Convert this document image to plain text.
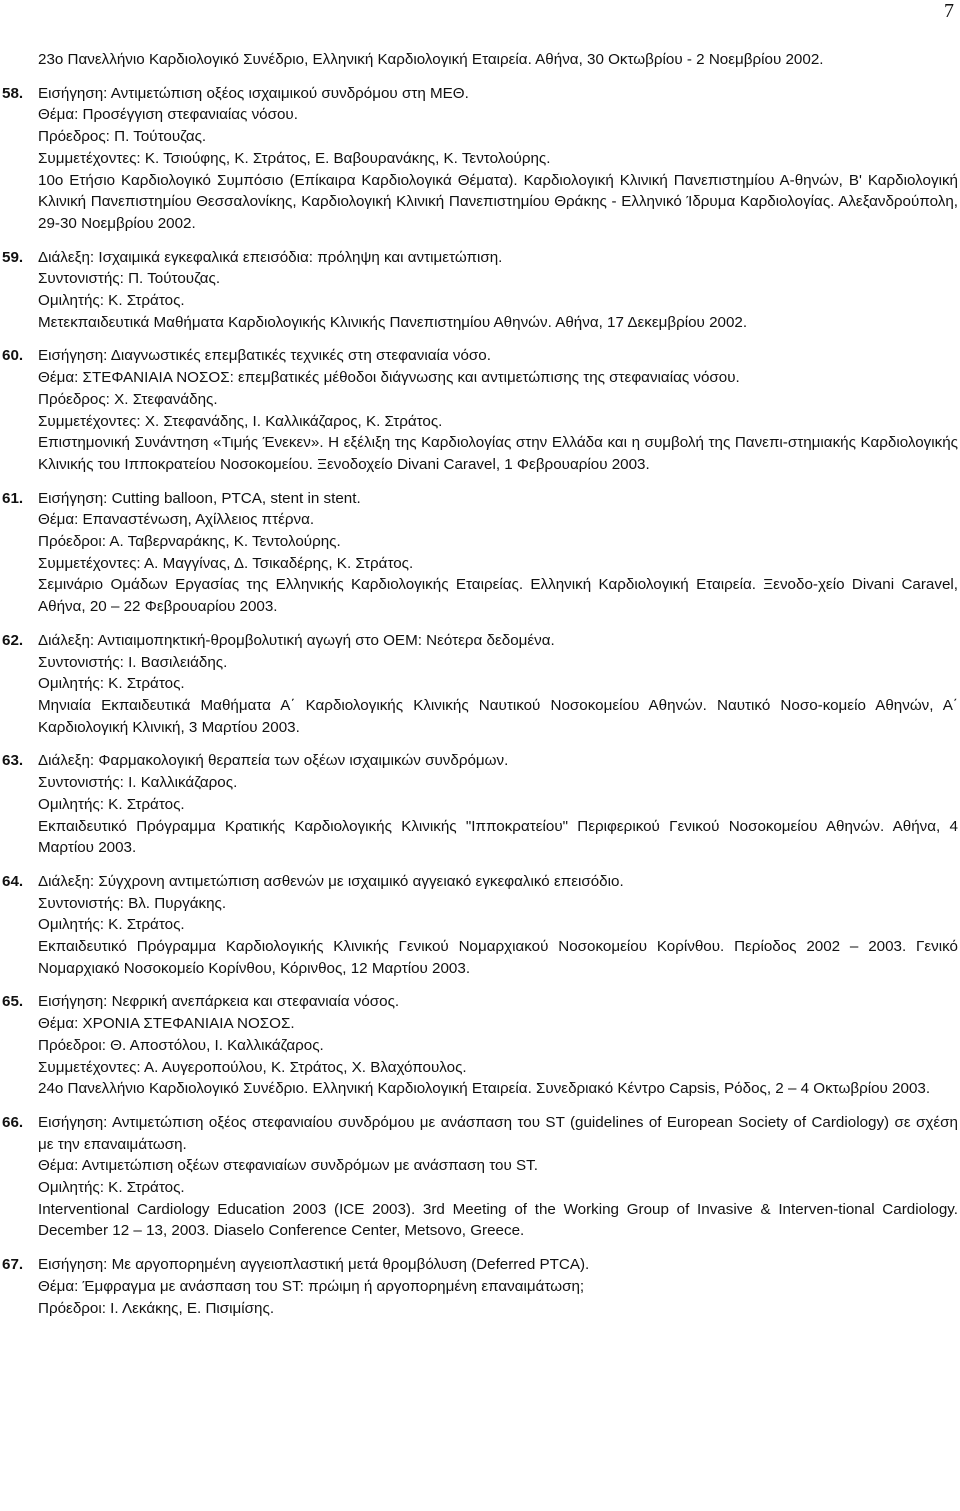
7
23ο Πανελλήνιο Καρδιολογικό Συνέδριο, Ελληνική Καρδιολογική Εταιρεία. Αθήνα, 30 Οκτωβρίου - 2 Νοεμβρίου 2002.
58. Εισήγηση: Αντιμετώπιση οξέος ισχαιμικού συνδρόμου στη ΜΕΘ.
Θέμα: Προσέγγιση στεφανιαίας νόσου.
Πρόεδρος: Π. Τούτουζας.
Συμμετέχοντες: Κ. Τσιούφης, Κ. Στράτος, Ε. Βαβουρανάκης, Κ. Τεντολούρης.
10ο Ετήσιο Καρδιολογικό Συμπόσιο (Επίκαιρα Καρδιολογικά Θέματα). Καρδιολογική Κλινική Πανεπιστημίου Α-θηνών, Β' Καρδιολογική Κλινική Πανεπιστημίου Θεσσαλονίκης, Καρδιολογική Κλινική Πανεπιστημίου Θράκης - Ελληνικό Ίδρυμα Καρδιολογίας. Αλεξανδρούπολη, 29-30 Νοεμβρίου 2002.
59. Διάλεξη: Ισχαιμικά εγκεφαλικά επεισόδια: πρόληψη και αντιμετώπιση.
Συντονιστής: Π. Τούτουζας.
Ομιλητής: Κ. Στράτος.
Μετεκπαιδευτικά Μαθήματα Καρδιολογικής Κλινικής Πανεπιστημίου Αθηνών. Αθήνα, 17 Δεκεμβρίου 2002.
60. Εισήγηση: Διαγνωστικές επεμβατικές τεχνικές στη στεφανιαία νόσο.
Θέμα: ΣΤΕΦΑΝΙΑΙΑ ΝΟΣΟΣ: επεμβατικές μέθοδοι διάγνωσης και αντιμετώπισης της στεφανιαίας νόσου.
Πρόεδρος: Χ. Στεφανάδης.
Συμμετέχοντες: Χ. Στεφανάδης, Ι. Καλλικάζαρος, Κ. Στράτος.
Επιστημονική Συνάντηση «Τιμής Ένεκεν». Η εξέλιξη της Καρδιολογίας στην Ελλάδα και η συμβολή της Πανεπι-στημιακής Καρδιολογικής Κλινικής του Ιπποκρατείου Νοσοκομείου. Ξενοδοχείο Divani Caravel, 1 Φεβρουαρίου 2003.
61. Εισήγηση: Cutting balloon, PTCA, stent in stent.
Θέμα: Επαναστένωση, Αχίλλειος πτέρνα.
Πρόεδροι: Α. Ταβερναράκης, Κ. Τεντολούρης.
Συμμετέχοντες: Α. Μαγγίνας, Δ. Τσικαδέρης, Κ. Στράτος.
Σεμινάριο Ομάδων Εργασίας της Ελληνικής Καρδιολογικής Εταιρείας. Ελληνική Καρδιολογική Εταιρεία. Ξενοδο-χείο Divani Caravel, Αθήνα, 20 – 22 Φεβρουαρίου 2003.
62. Διάλεξη: Αντιαιμοπηκτική-θρομβολυτική αγωγή στο ΟΕΜ: Νεότερα δεδομένα.
Συντονιστής: Ι. Βασιλειάδης.
Ομιλητής: Κ. Στράτος.
Μηνιαία Εκπαιδευτικά Μαθήματα Α΄ Καρδιολογικής Κλινικής Ναυτικού Νοσοκομείου Αθηνών. Ναυτικό Νοσο-κομείο Αθηνών, Α΄ Καρδιολογική Κλινική, 3 Μαρτίου 2003.
63. Διάλεξη: Φαρμακολογική θεραπεία των οξέων ισχαιμικών συνδρόμων.
Συντονιστής: Ι. Καλλικάζαρος.
Ομιλητής: Κ. Στράτος.
Εκπαιδευτικό Πρόγραμμα Κρατικής Καρδιολογικής Κλινικής "Ιπποκρατείου" Περιφερικού Γενικού Νοσοκομείου Αθηνών. Αθήνα, 4 Μαρτίου 2003.
64. Διάλεξη: Σύγχρονη αντιμετώπιση ασθενών με ισχαιμικό αγγειακό εγκεφαλικό επεισόδιο.
Συντονιστής: Βλ. Πυργάκης.
Ομιλητής: Κ. Στράτος.
Εκπαιδευτικό Πρόγραμμα Καρδιολογικής Κλινικής Γενικού Νομαρχιακού Νοσοκομείου Κορίνθου. Περίοδος 2002 – 2003. Γενικό Νομαρχιακό Νοσοκομείο Κορίνθου, Κόρινθος, 12 Μαρτίου 2003.
65. Εισήγηση: Νεφρική ανεπάρκεια και στεφανιαία νόσος.
Θέμα: ΧΡΟΝΙΑ ΣΤΕΦΑΝΙΑΙΑ ΝΟΣΟΣ.
Πρόεδροι: Θ. Αποστόλου, Ι. Καλλικάζαρος.
Συμμετέχοντες: Α. Αυγεροπούλου, Κ. Στράτος, Χ. Βλαχόπουλος.
24ο Πανελλήνιο Καρδιολογικό Συνέδριο. Ελληνική Καρδιολογική Εταιρεία. Συνεδριακό Κέντρο Capsis, Ρόδος, 2 – 4 Οκτωβρίου 2003.
66. Εισήγηση: Αντιμετώπιση οξέος στεφανιαίου συνδρόμου με ανάσπαση του ST (guidelines of European Society of Cardiology) σε σχέση με την επαναιμάτωση.
Θέμα: Αντιμετώπιση οξέων στεφανιαίων συνδρόμων με ανάσπαση του ST.
Ομιλητής: Κ. Στράτος.
Interventional Cardiology Education 2003 (ICE 2003). 3rd Meeting of the Working Group of Invasive & Interven-tional Cardiology. December 12 – 13, 2003. Diaselo Conference Center, Metsovo, Greece.
67. Εισήγηση: Με αργοπορημένη αγγειοπλαστική μετά θρομβόλυση (Deferred PTCA).
Θέμα: Έμφραγμα με ανάσπαση του ST: πρώιμη ή αργοπορημένη επαναιμάτωση;
Πρόεδροι: Ι. Λεκάκης, Ε. Πισιμίσης.
